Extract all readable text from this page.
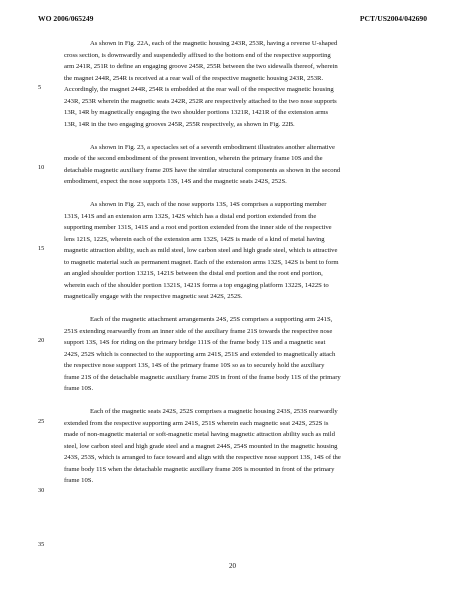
WO 2006/065249	PCT/US2004/042690
As shown in Fig. 22A, each of the magnetic housing 243R, 253R, having a reverse U-shaped
cross section, is downwardly and suspendedly affixed to the bottom end of the respective supporting
arm 241R, 251R to define an engaging groove 245R, 255R between the two sidewalls thereof, wherein
the magnet 244R, 254R is received at a rear wall of the respective magnetic housing 243R, 253R.
Accordingly, the magnet 244R, 254R is embedded at the rear wall of the respective magnetic housing
243R, 253R wherein the magnetic seats 242R, 252R are respectively attached to the two nose supports
13R, 14R by magnetically engaging the two shoulder portions 1321R, 1421R of the extension arms
13R, 14R in the two engaging grooves 245R, 255R respectively, as shown in Fig. 22B.
As shown in Fig. 23, a spectacles set of a seventh embodiment illustrates another alternative
mode of the second embodiment of the present invention, wherein the primary frame 10S and the
detachable magnetic auxiliary frame 20S have the similar structural components as shown in the second
embodiment, expect the nose supports 13S, 14S and the magnetic seats 242S, 252S.
As shown in Fig. 23, each of the nose supports 13S, 14S comprises a supporting member
131S, 141S and an extension arm 132S, 142S which has a distal end portion extended from the
supporting member 131S, 141S and a root end portion extended from the inner side of the respective
lens 121S, 122S, wherein each of the extension arm 132S, 142S is made of a kind of metal having
magnetic attraction ability, such as mild steel, low carbon steel and high grade steel, which is attractive
to magnetic material such as permanent magnet. Each of the extension arms 132S, 142S is bent to form
an angled shoulder portion 1321S, 1421S between the distal end portion and the root end portion,
wherein each of the shoulder portion 1321S, 1421S forms a top engaging platform 1322S, 1422S to
magnetically engage with the respective magnetic seat 242S, 252S.
Each of the magnetic attachment arrangements 24S, 25S comprises a supporting arm 241S,
251S extending rearwardly from an inner side of the auxiliary frame 21S towards the respective nose
support 13S, 14S for riding on the primary bridge 111S of the frame body 11S and a magnetic seat
242S, 252S which is connected to the supporting arm 241S, 251S and extended to magnetically attach
the respective nose support 13S, 14S of the primary frame 10S so as to securely hold the auxiliary
frame 21S of the detachable magnetic auxiliary frame 20S in front of the frame body 11S of the primary
frame 10S.
Each of the magnetic seats 242S, 252S comprises a magnetic housing 243S, 253S rearwardly
extended from the respective supporting arm 241S, 251S wherein each magnetic seat 242S, 252S is
made of non-magnetic material or soft-magnetic metal having magnetic attraction ability such as mild
steel, low carbon steel and high grade steel and a magnet 244S, 254S mounted in the magnetic housing
243S, 253S, which is arranged to face toward and align with the respective nose support 13S, 14S of the
frame body 11S when the detachable magnetic auxillary frame 20S is mounted in front of the primary
frame 10S.
5
10
15
20
25
30
35
20
